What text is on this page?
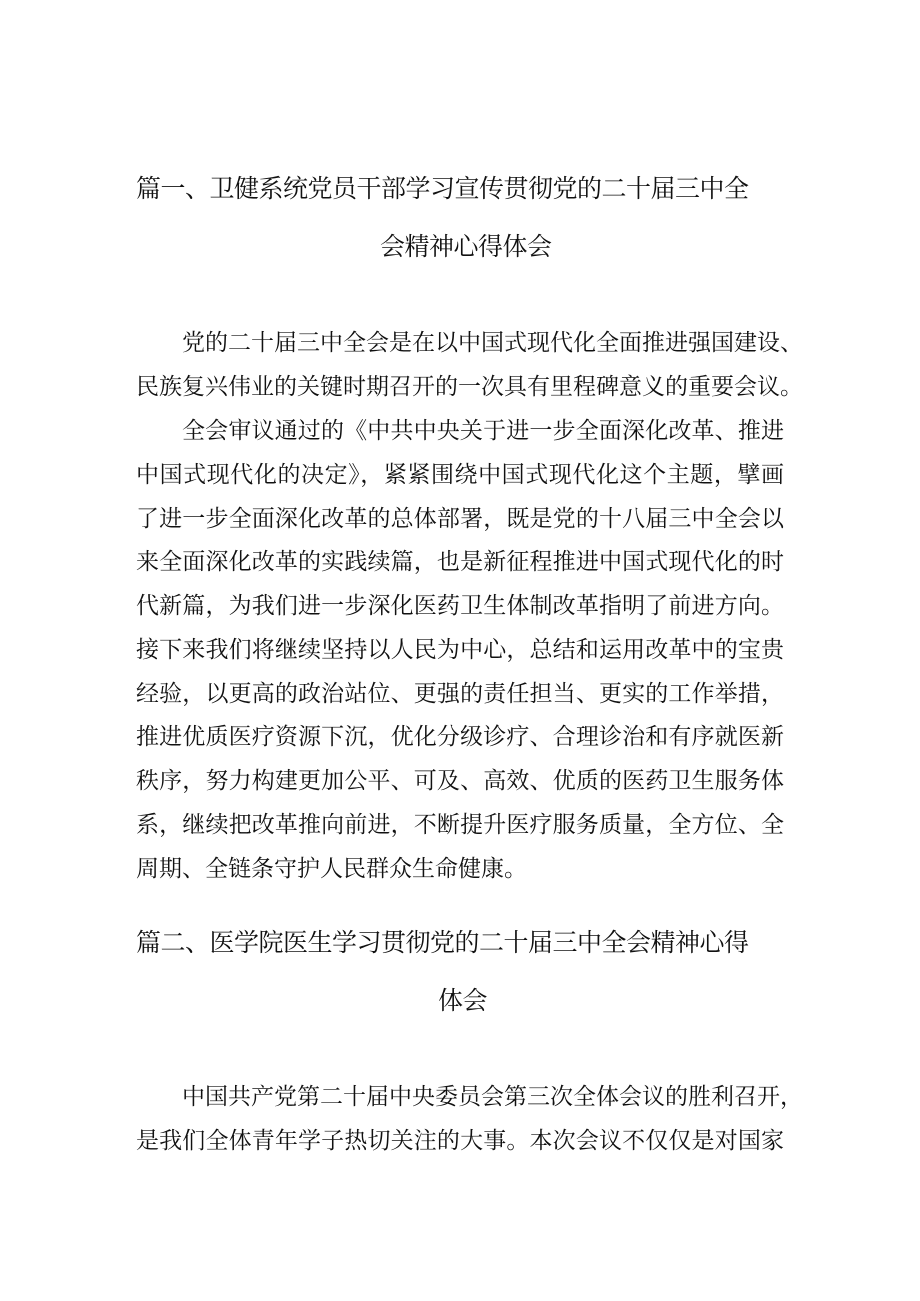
篇一、卫健系统党员干部学习宣传贯彻党的二十届三中全
会精神心得体会
党的二十届三中全会是在以中国式现代化全面推进强国建设、
民族复兴伟业的关键时期召开的一次具有里程碑意义的重要会议。
全会审议通过的《中共中央关于进一步全面深化改革、推进
中国式现代化的决定》，紧紧围绕中国式现代化这个主题，擘画
了进一步全面深化改革的总体部署，既是党的十八届三中全会以
来全面深化改革的实践续篇，也是新征程推进中国式现代化的时
代新篇，为我们进一步深化医药卫生体制改革指明了前进方向。
接下来我们将继续坚持以人民为中心，总结和运用改革中的宝贵
经验，以更高的政治站位、更强的责任担当、更实的工作举措，
推进优质医疗资源下沉，优化分级诊疗、合理诊治和有序就医新
秩序，努力构建更加公平、可及、高效、优质的医药卫生服务体
系，继续把改革推向前进，不断提升医疗服务质量，全方位、全
周期、全链条守护人民群众生命健康。
篇二、医学院医生学习贯彻党的二十届三中全会精神心得
体会
中国共产党第二十届中央委员会第三次全体会议的胜利召开，
是我们全体青年学子热切关注的大事。本次会议不仅仅是对国家
